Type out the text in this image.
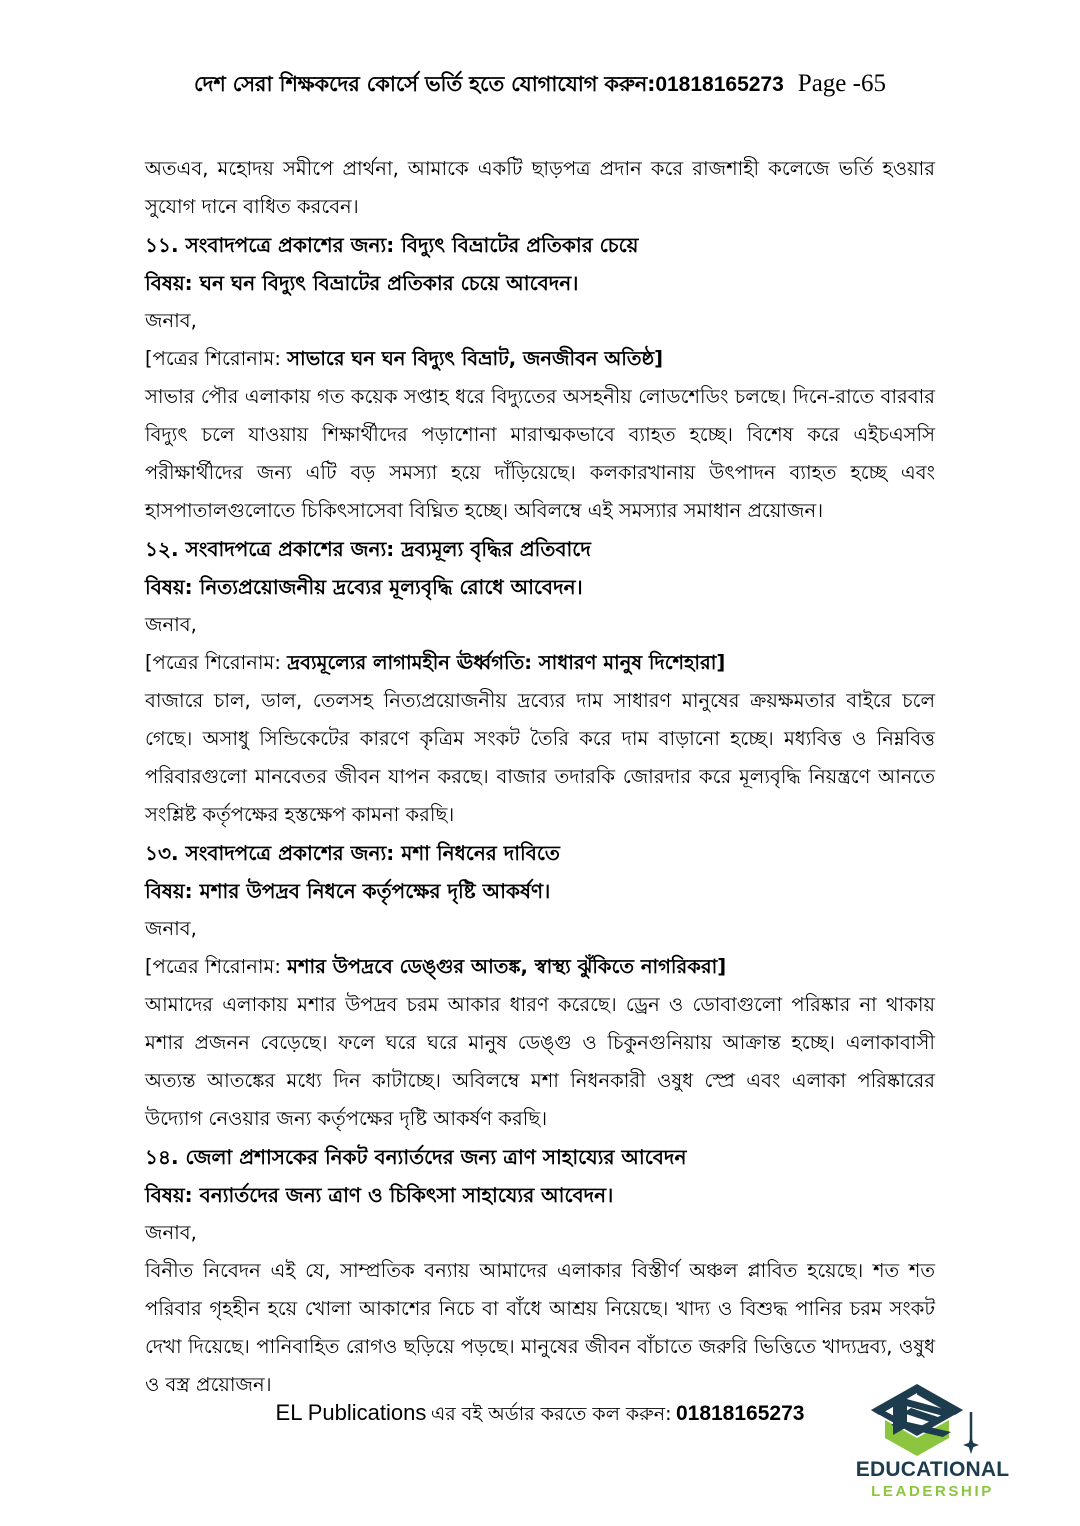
দেশ সেরা শিক্ষকদের কোর্সে ভর্তি হতে যোগাযোগ করুন:01818165273 Page -65

অতএব, মহোদয় সমীপে প্রার্থনা, আমাকে একটি ছাড়পত্র প্রদান করে রাজশাহী কলেজে ভর্তি হওয়ার সুযোগ দানে বাধিত করবেন।

১১. সংবাদপত্রে প্রকাশের জন্য: বিদ্যুৎ বিভ্রাটের প্রতিকার চেয়ে

বিষয়: ঘন ঘন বিদ্যুৎ বিভ্রাটের প্রতিকার চেয়ে আবেদন।

জনাব,

[পত্রের শিরোনাম: সাভারে ঘন ঘন বিদ্যুৎ বিভ্রাট, জনজীবন অতিষ্ঠ]

সাভার পৌর এলাকায় গত কয়েক সপ্তাহ ধরে বিদ্যুতের অসহনীয় লোডশেডিং চলছে। দিনে-রাতে বারবার বিদ্যুৎ চলে যাওয়ায় শিক্ষার্থীদের পড়াশোনা মারাত্মকভাবে ব্যাহত হচ্ছে। বিশেষ করে এইচএসসি পরীক্ষার্থীদের জন্য এটি বড় সমস্যা হয়ে দাঁড়িয়েছে। কলকারখানায় উৎপাদন ব্যাহত হচ্ছে এবং হাসপাতালগুলোতে চিকিৎসাসেবা বিঘ্নিত হচ্ছে। অবিলম্বে এই সমস্যার সমাধান প্রয়োজন।

১২. সংবাদপত্রে প্রকাশের জন্য: দ্রব্যমূল্য বৃদ্ধির প্রতিবাদে

বিষয়: নিত্যপ্রয়োজনীয় দ্রব্যের মূল্যবৃদ্ধি রোধে আবেদন।

জনাব,

[পত্রের শিরোনাম: দ্রব্যমূল্যের লাগামহীন ঊর্ধ্বগতি: সাধারণ মানুষ দিশেহারা]

বাজারে চাল, ডাল, তেলসহ নিত্যপ্রয়োজনীয় দ্রব্যের দাম সাধারণ মানুষের ক্রয়ক্ষমতার বাইরে চলে গেছে। অসাধু সিন্ডিকেটের কারণে কৃত্রিম সংকট তৈরি করে দাম বাড়ানো হচ্ছে। মধ্যবিত্ত ও নিম্নবিত্ত পরিবারগুলো মানবেতর জীবন যাপন করছে। বাজার তদারকি জোরদার করে মূল্যবৃদ্ধি নিয়ন্ত্রণে আনতে সংশ্লিষ্ট কর্তৃপক্ষের হস্তক্ষেপ কামনা করছি।

১৩. সংবাদপত্রে প্রকাশের জন্য: মশা নিধনের দাবিতে

বিষয়: মশার উপদ্রব নিধনে কর্তৃপক্ষের দৃষ্টি আকর্ষণ।

জনাব,

[পত্রের শিরোনাম: মশার উপদ্রবে ডেঙ্গুর আতঙ্ক, স্বাস্থ্য ঝুঁকিতে নাগরিকরা]

আমাদের এলাকায় মশার উপদ্রব চরম আকার ধারণ করেছে। ড্রেন ও ডোবাগুলো পরিষ্কার না থাকায় মশার প্রজনন বেড়েছে। ফলে ঘরে ঘরে মানুষ ডেঙ্গু ও চিকুনগুনিয়ায় আক্রান্ত হচ্ছে। এলাকাবাসী অত্যন্ত আতঙ্কের মধ্যে দিন কাটাচ্ছে। অবিলম্বে মশা নিধনকারী ওষুধ স্প্রে এবং এলাকা পরিষ্কারের উদ্যোগ নেওয়ার জন্য কর্তৃপক্ষের দৃষ্টি আকর্ষণ করছি।

১৪. জেলা প্রশাসকের নিকট বন্যার্তদের জন্য ত্রাণ সাহায্যের আবেদন

বিষয়: বন্যার্তদের জন্য ত্রাণ ও চিকিৎসা সাহায্যের আবেদন।

জনাব,

বিনীত নিবেদন এই যে, সাম্প্রতিক বন্যায় আমাদের এলাকার বিস্তীর্ণ অঞ্চল প্লাবিত হয়েছে। শত শত পরিবার গৃহহীন হয়ে খোলা আকাশের নিচে বা বাঁধে আশ্রয় নিয়েছে। খাদ্য ও বিশুদ্ধ পানির চরম সংকট দেখা দিয়েছে। পানিবাহিত রোগও ছড়িয়ে পড়ছে। মানুষের জীবন বাঁচাতে জরুরি ভিত্তিতে খাদ্যদ্রব্য, ওষুধ ও বস্ত্র প্রয়োজন।

EL Publications এর বই অর্ডার করতে কল করুন: 01818165273
EDUCATIONAL
LEADERSHIP
